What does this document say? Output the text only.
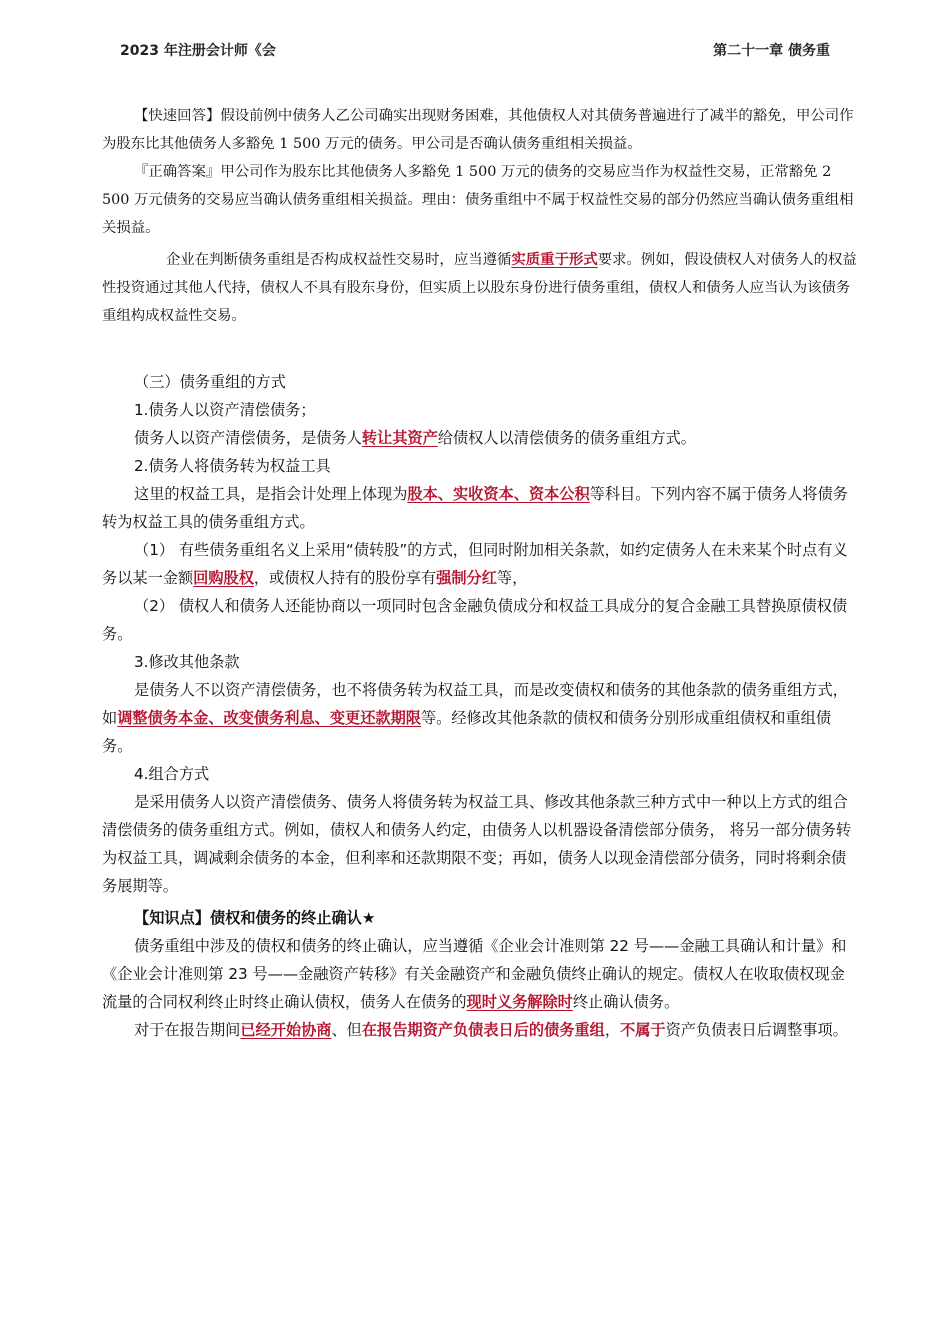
2023 年注册会计师《会	第二十一章 债务重

【快速回答】假设前例中债务人乙公司确实出现财务困难，其他债权人对其债务普遍进行了减半的豁免，甲公司作为股东比其他债务人多豁免 1 500 万元的债务。甲公司是否确认债务重组相关损益。

『正确答案』甲公司作为股东比其他债务人多豁免 1 500 万元的债务的交易应当作为权益性交易，正常豁免 2 500 万元债务的交易应当确认债务重组相关损益。理由：债务重组中不属于权益性交易的部分仍然应当确认债务重组相关损益。

企业在判断债务重组是否构成权益性交易时，应当遵循实质重于形式要求。例如，假设债权人对债务人的权益性投资通过其他人代持，债权人不具有股东身份，但实质上以股东身份进行债务重组，债权人和债务人应当认为该债务重组构成权益性交易。

（三）债务重组的方式

1.债务人以资产清偿债务；

债务人以资产清偿债务，是债务人转让其资产给债权人以清偿债务的债务重组方式。

2.债务人将债务转为权益工具

这里的权益工具，是指会计处理上体现为股本、实收资本、资本公积等科目。下列内容不属于债务人将债务转为权益工具的债务重组方式。

（1） 有些债务重组名义上采用“债转股”的方式，但同时附加相关条款，如约定债务人在未来某个时点有义务以某一金额回购股权，或债权人持有的股份享有强制分红等，

（2） 债权人和债务人还能协商以一项同时包含金融负债成分和权益工具成分的复合金融工具替换原债权债务。

3.修改其他条款

是债务人不以资产清偿债务，也不将债务转为权益工具，而是改变债权和债务的其他条款的债务重组方式，如调整债务本金、改变债务利息、变更还款期限等。经修改其他条款的债权和债务分别形成重组债权和重组债务。

4.组合方式

是采用债务人以资产清偿债务、债务人将债务转为权益工具、修改其他条款三种方式中一种以上方式的组合清偿债务的债务重组方式。例如，债权人和债务人约定，由债务人以机器设备清偿部分债务， 将另一部分债务转为权益工具，调减剩余债务的本金，但利率和还款期限不变；再如，债务人以现金清偿部分债务，同时将剩余债务展期等。

【知识点】债权和债务的终止确认★

债务重组中涉及的债权和债务的终止确认，应当遵循《企业会计准则第 22 号——金融工具确认和计量》和《企业会计准则第 23 号——金融资产转移》有关金融资产和金融负债终止确认的规定。债权人在收取债权现金流量的合同权利终止时终止确认债权，债务人在债务的现时义务解除时终止确认债务。

对于在报告期间已经开始协商、但在报告期资产负债表日后的债务重组，不属于资产负债表日后调整事项。
